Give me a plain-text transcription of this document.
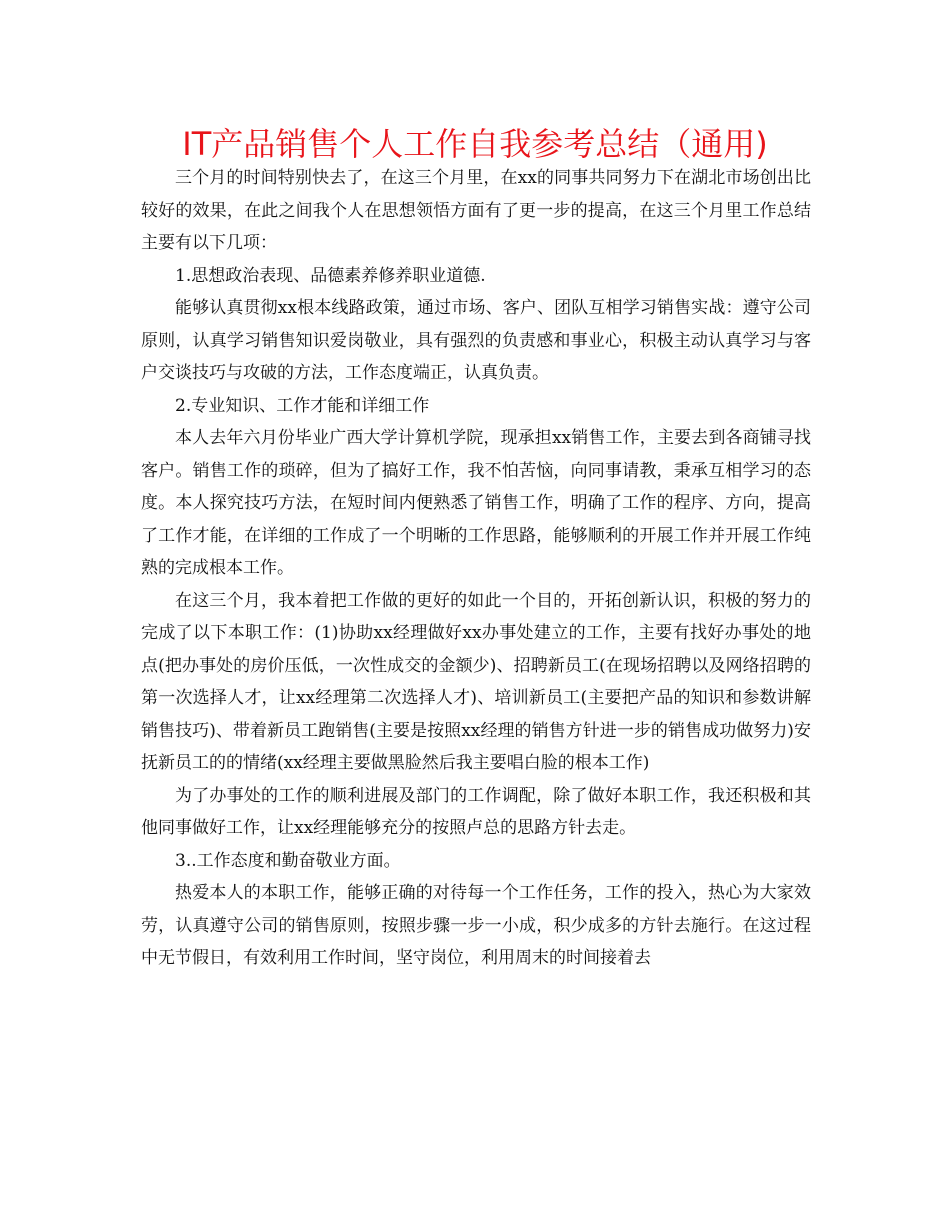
IT产品销售个人工作自我参考总结（通用)

三个月的时间特别快去了，在这三个月里，在xx的同事共同努力下在湖北市场创出比较好的效果，在此之间我个人在思想领悟方面有了更一步的提高，在这三个月里工作总结主要有以下几项：

1.思想政治表现、品德素养修养职业道德.

能够认真贯彻xx根本线路政策，通过市场、客户、团队互相学习销售实战：遵守公司原则，认真学习销售知识爱岗敬业，具有强烈的负责感和事业心，积极主动认真学习与客户交谈技巧与攻破的方法，工作态度端正，认真负责。

2.专业知识、工作才能和详细工作

本人去年六月份毕业广西大学计算机学院，现承担xx销售工作，主要去到各商铺寻找客户。销售工作的琐碎，但为了搞好工作，我不怕苦恼，向同事请教，秉承互相学习的态度。本人探究技巧方法，在短时间内便熟悉了销售工作，明确了工作的程序、方向，提高了工作才能，在详细的工作成了一个明晰的工作思路，能够顺利的开展工作并开展工作纯熟的完成根本工作。

在这三个月，我本着把工作做的更好的如此一个目的，开拓创新认识，积极的努力的完成了以下本职工作：(1)协助xx经理做好xx办事处建立的工作，主要有找好办事处的地点(把办事处的房价压低，一次性成交的金额少)、招聘新员工(在现场招聘以及网络招聘的第一次选择人才，让xx经理第二次选择人才)、培训新员工(主要把产品的知识和参数讲解销售技巧)、带着新员工跑销售(主要是按照xx经理的销售方针进一步的销售成功做努力)安抚新员工的的情绪(xx经理主要做黑脸然后我主要唱白脸的根本工作)

为了办事处的工作的顺利进展及部门的工作调配，除了做好本职工作，我还积极和其他同事做好工作，让xx经理能够充分的按照卢总的思路方针去走。

3..工作态度和勤奋敬业方面。

热爱本人的本职工作，能够正确的对待每一个工作任务，工作的投入，热心为大家效劳，认真遵守公司的销售原则，按照步骤一步一小成，积少成多的方针去施行。在这过程中无节假日，有效利用工作时间，坚守岗位，利用周末的时间接着去
